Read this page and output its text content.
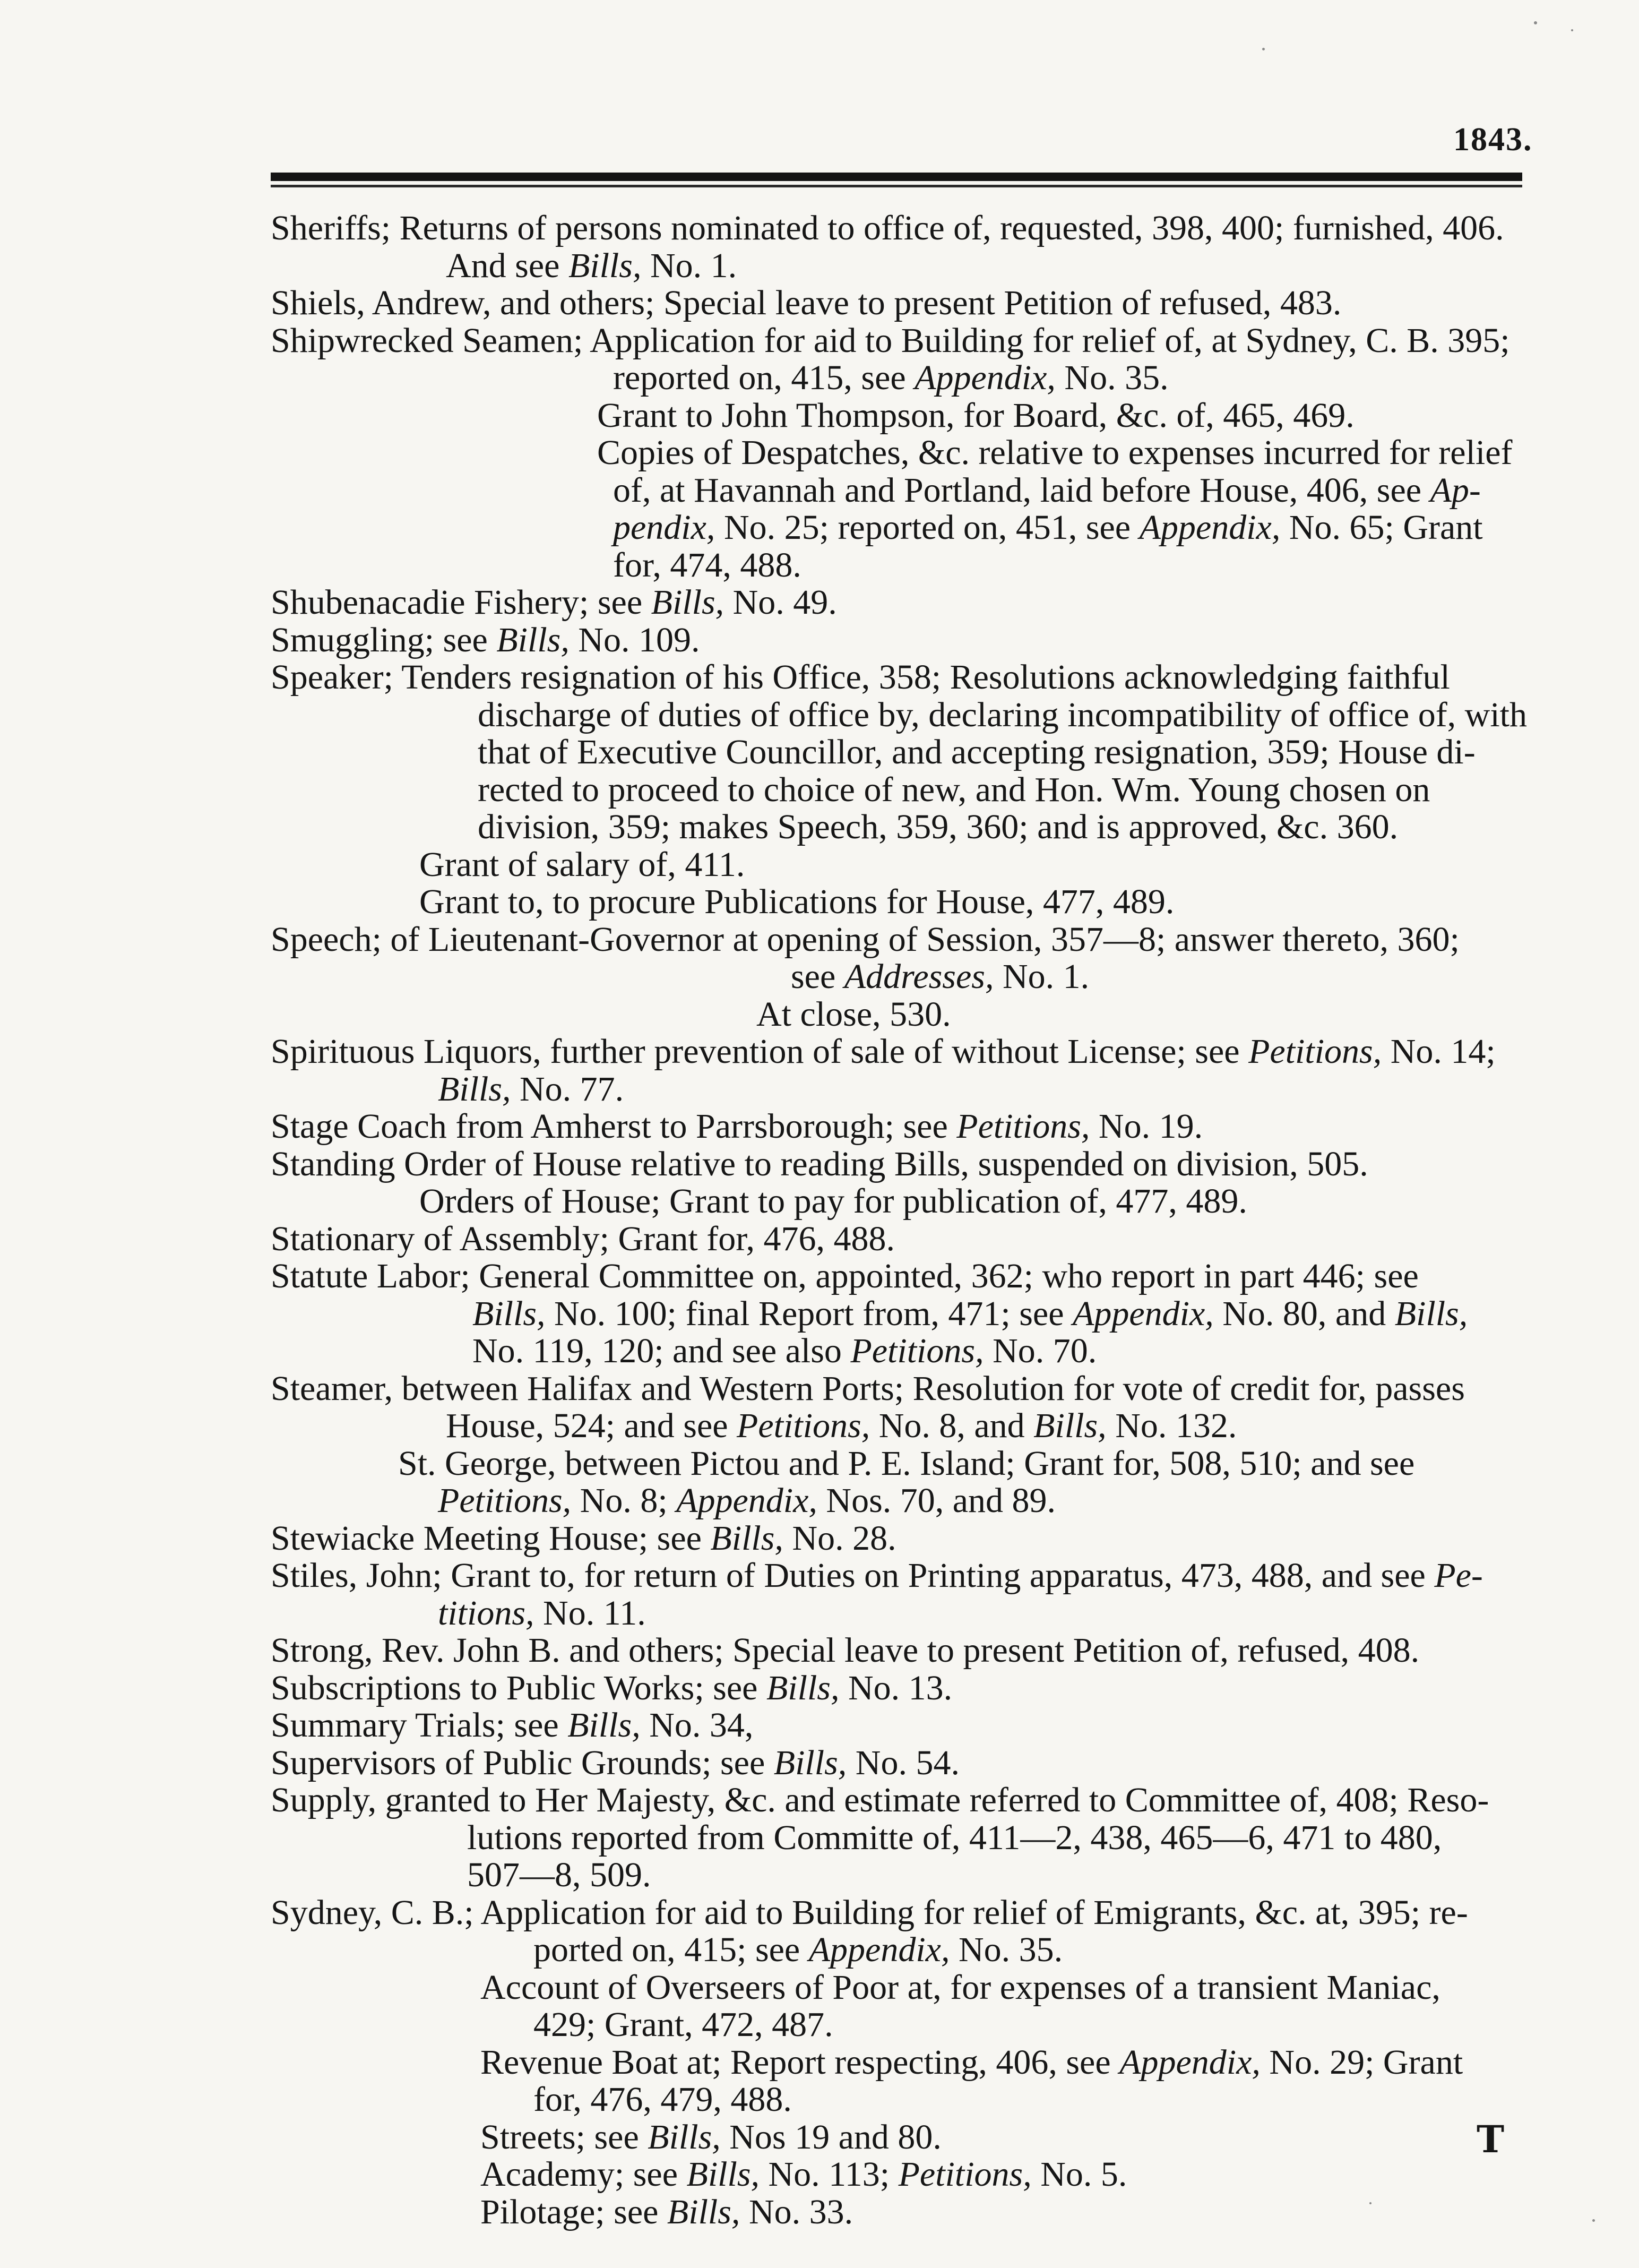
1843.
Sheriffs; Returns of persons nominated to office of, requested, 398, 400; furnished, 406.
And see Bills, No. 1.
Shiels, Andrew, and others; Special leave to present Petition of refused, 483.
Shipwrecked Seamen; Application for aid to Building for relief of, at Sydney, C. B. 395;
reported on, 415, see Appendix, No. 35.
Grant to John Thompson, for Board, &c. of, 465, 469.
Copies of Despatches, &c. relative to expenses incurred for relief
of, at Havannah and Portland, laid before House, 406, see Ap-
pendix, No. 25; reported on, 451, see Appendix, No. 65; Grant
for, 474, 488.
Shubenacadie Fishery; see Bills, No. 49.
Smuggling; see Bills, No. 109.
Speaker; Tenders resignation of his Office, 358; Resolutions acknowledging faithful
discharge of duties of office by, declaring incompatibility of office of, with
that of Executive Councillor, and accepting resignation, 359; House di-
rected to proceed to choice of new, and Hon. Wm. Young chosen on
division, 359; makes Speech, 359, 360; and is approved, &c. 360.
Grant of salary of, 411.
Grant to, to procure Publications for House, 477, 489.
Speech; of Lieutenant-Governor at opening of Session, 357—8; answer thereto, 360;
see Addresses, No. 1.
At close, 530.
Spirituous Liquors, further prevention of sale of without License; see Petitions, No. 14;
Bills, No. 77.
Stage Coach from Amherst to Parrsborough; see Petitions, No. 19.
Standing Order of House relative to reading Bills, suspended on division, 505.
Orders of House; Grant to pay for publication of, 477, 489.
Stationary of Assembly; Grant for, 476, 488.
Statute Labor; General Committee on, appointed, 362; who report in part 446; see
Bills, No. 100; final Report from, 471; see Appendix, No. 80, and Bills,
No. 119, 120; and see also Petitions, No. 70.
Steamer, between Halifax and Western Ports; Resolution for vote of credit for, passes
House, 524; and see Petitions, No. 8, and Bills, No. 132.
St. George, between Pictou and P. E. Island; Grant for, 508, 510; and see
Petitions, No. 8; Appendix, Nos. 70, and 89.
Stewiacke Meeting House; see Bills, No. 28.
Stiles, John; Grant to, for return of Duties on Printing apparatus, 473, 488, and see Pe-
titions, No. 11.
Strong, Rev. John B. and others; Special leave to present Petition of, refused, 408.
Subscriptions to Public Works; see Bills, No. 13.
Summary Trials; see Bills, No. 34,
Supervisors of Public Grounds; see Bills, No. 54.
Supply, granted to Her Majesty, &c. and estimate referred to Committee of, 408; Reso-
lutions reported from Committe of, 411—2, 438, 465—6, 471 to 480,
507—8, 509.
Sydney, C. B.; Application for aid to Building for relief of Emigrants, &c. at, 395; re-
ported on, 415; see Appendix, No. 35.
Account of Overseers of Poor at, for expenses of a transient Maniac,
429; Grant, 472, 487.
Revenue Boat at; Report respecting, 406, see Appendix, No. 29; Grant
for, 476, 479, 488.
Streets; see Bills, Nos 19 and 80.
Academy; see Bills, No. 113; Petitions, No. 5.
Pilotage; see Bills, No. 33.
T
